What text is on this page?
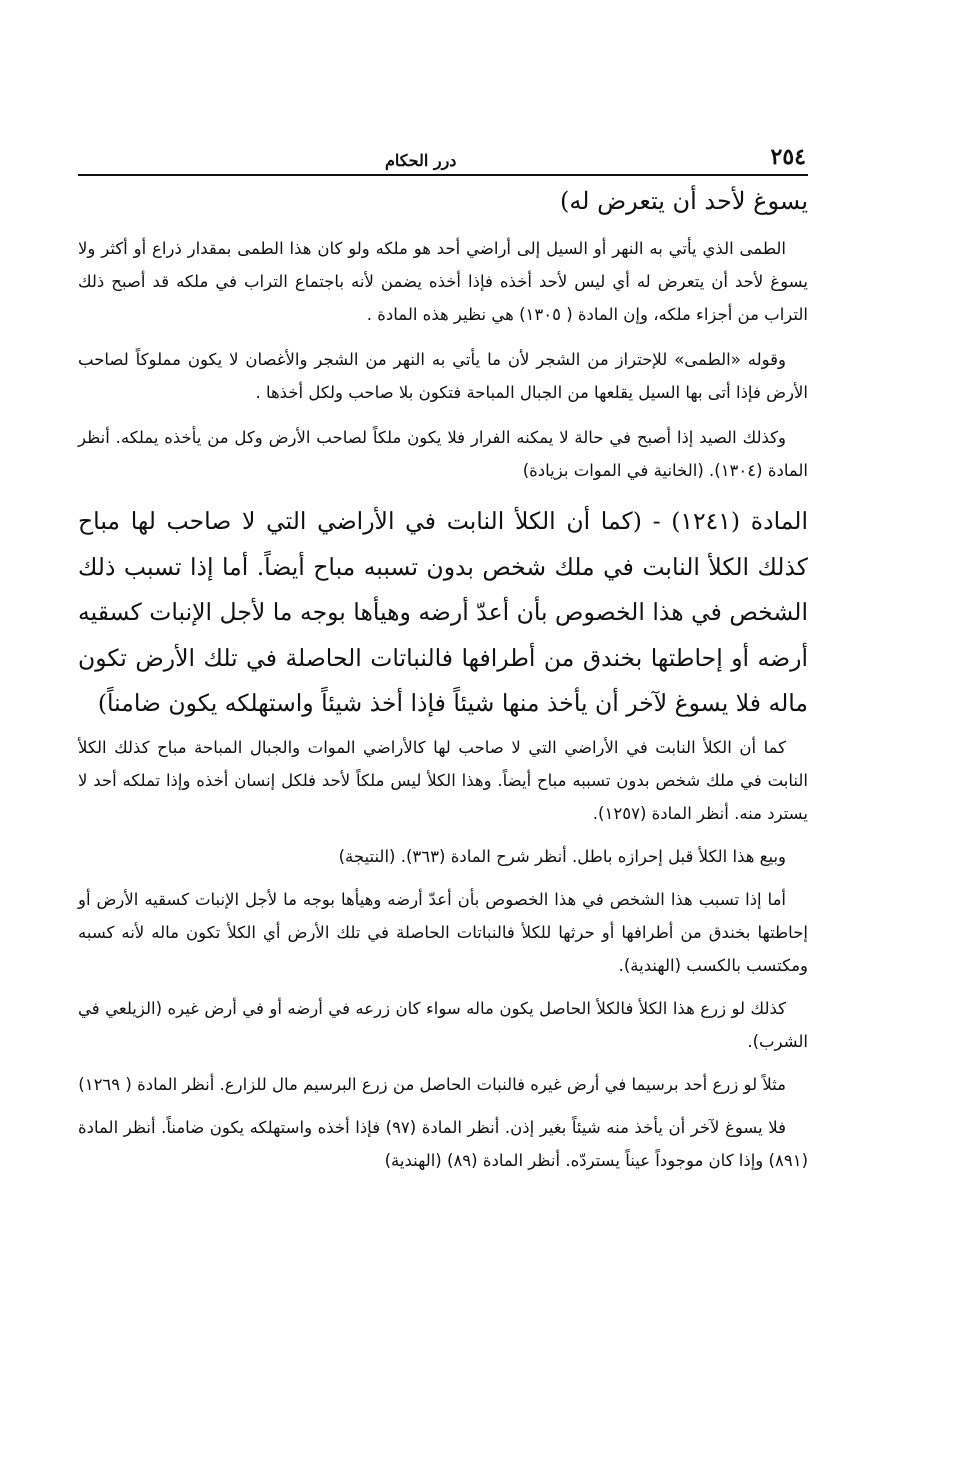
٢٥٤
درر الحكام
يسوغ لأحد أن يتعرض له)

الطمى الذي يأتي به النهر أو السيل إلى أراضي أحد هو ملكه ولو كان هذا الطمى بمقدار ذراع أو أكثر ولا يسوغ لأحد أن يتعرض له أي ليس لأحد أخذه فإذا أخذه يضمن لأنه باجتماع التراب في ملكه قد أصبح ذلك التراب من أجزاء ملكه، وإن المادة ( ١٣٠٥) هي نظير هذه المادة .

وقوله «الطمى» للإحتراز من الشجر لأن ما يأتي به النهر من الشجر والأغصان لا يكون مملوكاً لصاحب الأرض فإذا أتى بها السيل يقلعها من الجبال المباحة فتكون بلا صاحب ولكل أخذها .

وكذلك الصيد إذا أصبح في حالة لا يمكنه الفرار فلا يكون ملكاً لصاحب الأرض وكل من يأخذه يملكه. أنظر المادة (١٣٠٤). (الخانية في الموات بزيادة)

المادة (١٢٤١) - (كما أن الكلأ النابت في الأراضي التي لا صاحب لها مباح كذلك الكلأ النابت في ملك شخص بدون تسببه مباح أيضاً. أما إذا تسبب ذلك الشخص في هذا الخصوص بأن أعدّ أرضه وهيأها بوجه ما لأجل الإنبات كسقيه أرضه أو إحاطتها بخندق من أطرافها فالنباتات الحاصلة في تلك الأرض تكون ماله فلا يسوغ لآخر أن يأخذ منها شيئاً فإذا أخذ شيئاً واستهلكه يكون ضامناً)

كما أن الكلأ النابت في الأراضي التي لا صاحب لها كالأراضي الموات والجبال المباحة مباح كذلك الكلأ النابت في ملك شخص بدون تسببه مباح أيضاً. وهذا الكلأ ليس ملكاً لأحد فلكل إنسان أخذه وإذا تملكه أحد لا يسترد منه. أنظر المادة (١٢٥٧).

وبيع هذا الكلأ قبل إحرازه باطل. أنظر شرح المادة (٣٦٣). (النتيجة)

أما إذا تسبب هذا الشخص في هذا الخصوص بأن أعدّ أرضه وهيأها بوجه ما لأجل الإنبات كسقيه الأرض أو إحاطتها بخندق من أطرافها أو حرثها للكلأ فالنباتات الحاصلة في تلك الأرض أي الكلأ تكون ماله لأنه كسبه ومكتسب بالكسب (الهندية).

كذلك لو زرع هذا الكلأ فالكلأ الحاصل يكون ماله سواء كان زرعه في أرضه أو في أرض غيره (الزيلعي في الشرب).

مثلاً لو زرع أحد برسيما في أرض غيره فالنبات الحاصل من زرع البرسيم مال للزارع. أنظر المادة ( ١٢٦٩)

فلا يسوغ لآخر أن يأخذ منه شيئاً بغير إذن. أنظر المادة (٩٧) فإذا أخذه واستهلكه يكون ضامناً. أنظر المادة (٨٩١) وإذا كان موجوداً عيناً يستردّه. أنظر المادة (٨٩) (الهندية)
